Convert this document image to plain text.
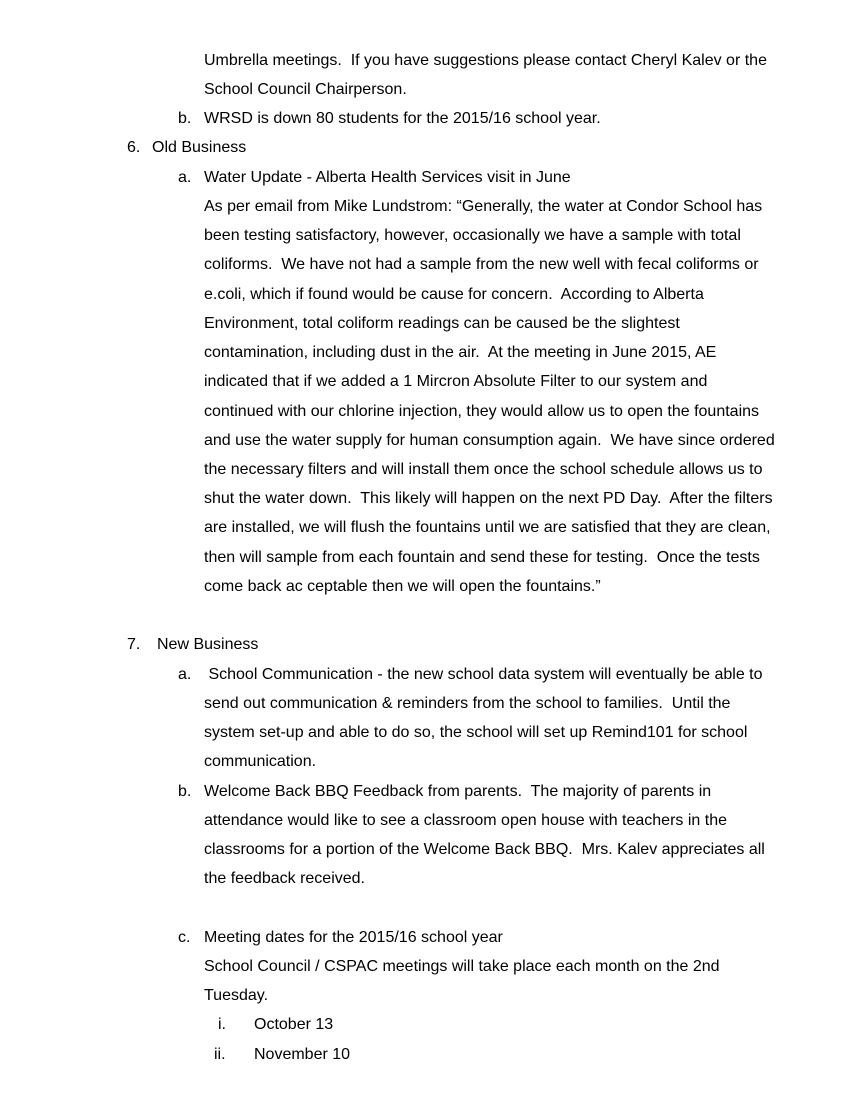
Umbrella meetings.  If you have suggestions please contact Cheryl Kalev or the
School Council Chairperson.
b. WRSD is down 80 students for the 2015/16 school year.
6. Old Business
a. Water Update - Alberta Health Services visit in June
As per email from Mike Lundstrom: “Generally, the water at Condor School has
been testing satisfactory, however, occasionally we have a sample with total
coliforms.  We have not had a sample from the new well with fecal coliforms or
e.coli, which if found would be cause for concern.  According to Alberta
Environment, total coliform readings can be caused be the slightest
contamination, including dust in the air.  At the meeting in June 2015, AE
indicated that if we added a 1 Mircron Absolute Filter to our system and
continued with our chlorine injection, they would allow us to open the fountains
and use the water supply for human consumption again.  We have since ordered
the necessary filters and will install them once the school schedule allows us to
shut the water down.  This likely will happen on the next PD Day.  After the filters
are installed, we will flush the fountains until we are satisfied that they are clean,
then will sample from each fountain and send these for testing.  Once the tests
come back ac ceptable then we will open the fountains.”
7. New Business
a. School Communication - the new school data system will eventually be able to
send out communication & reminders from the school to families.  Until the
system set-up and able to do so, the school will set up Remind101 for school
communication.
b. Welcome Back BBQ Feedback from parents.  The majority of parents in
attendance would like to see a classroom open house with teachers in the
classrooms for a portion of the Welcome Back BBQ.  Mrs. Kalev appreciates all
the feedback received.
c. Meeting dates for the 2015/16 school year
School Council / CSPAC meetings will take place each month on the 2nd
Tuesday.
i. October 13
ii. November 10
